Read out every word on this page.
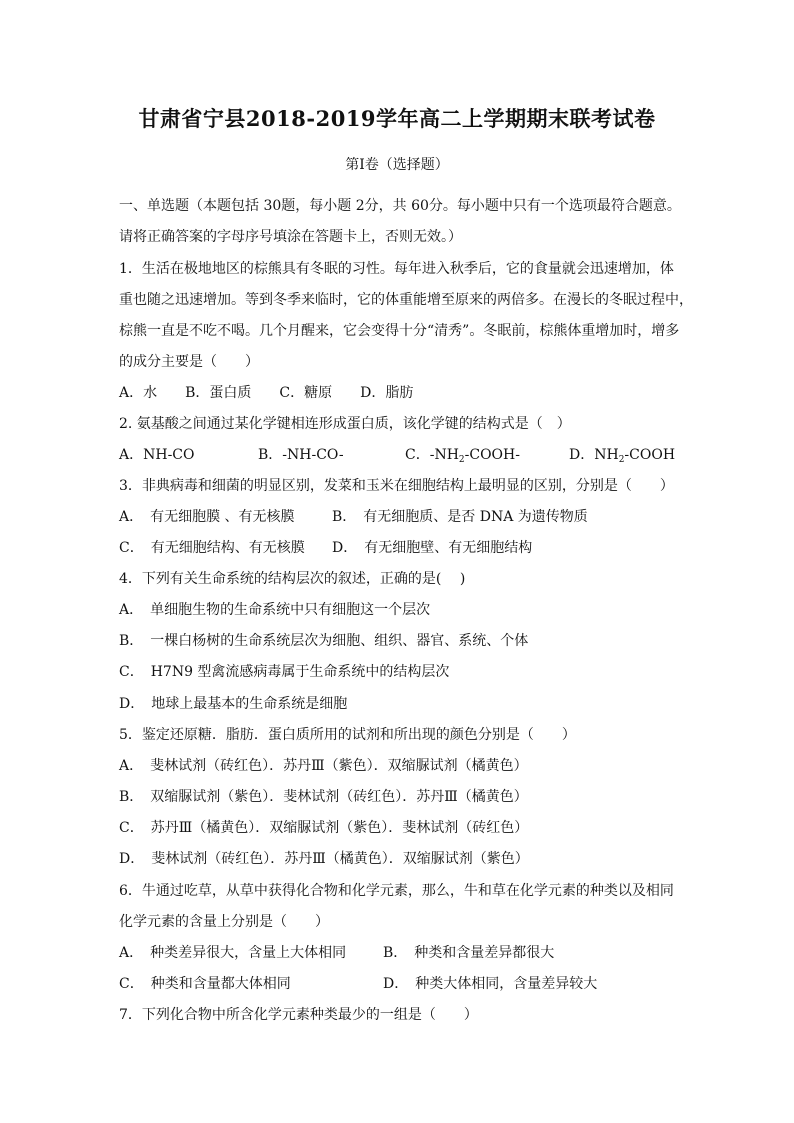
甘肃省宁县2018-2019学年高二上学期期末联考试卷
第Ⅰ卷（选择题）
一、单选题（本题包括 30题，每小题 2分，共 60分。每小题中只有一个选项最符合题意。
请将正确答案的字母序号填涂在答题卡上，否则无效。）
1．生活在极地地区的棕熊具有冬眠的习性。每年进入秋季后，它的食量就会迅速增加，体
重也随之迅速增加。等到冬季来临时，它的体重能增至原来的两倍多。在漫长的冬眠过程中，
棕熊一直是不吃不喝。几个月醒来，它会变得十分“清秀”。冬眠前，棕熊体重增加时，增多
的成分主要是（　　）
A．水　　B．蛋白质　　C．糖原　　D．脂肪
2. 氨基酸之间通过某化学键相连形成蛋白质，该化学键的结构式是（　）
A．NH-CO	B．-NH-CO-	C．$-NH_2-COOH-$	D．$NH_2$-COOH
3．非典病毒和细菌的明显区别，发菜和玉米在细胞结构上最明显的区别，分别是（　　）
A．　有无细胞膜 、有无核膜	B．　有无细胞质、是否 DNA 为遗传物质
C．　有无细胞结构、有无核膜 D．　有无细胞壁、有无细胞结构
4．下列有关生命系统的结构层次的叙述，正确的是(　 )
A．　单细胞生物的生命系统中只有细胞这一个层次
B．　一棵白杨树的生命系统层次为细胞、组织、器官、系统、个体
C．　H7N9 型禽流感病毒属于生命系统中的结构层次
D．　地球上最基本的生命系统是细胞
5．鉴定还原糖．脂肪．蛋白质所用的试剂和所出现的颜色分别是（　　）
A．　斐林试剂（砖红色）．苏丹Ⅲ（紫色）．双缩脲试剂（橘黄色）
B．　双缩脲试剂（紫色）．斐林试剂（砖红色）．苏丹Ⅲ（橘黄色）
C．　苏丹Ⅲ（橘黄色）．双缩脲试剂（紫色）．斐林试剂（砖红色）
D．　斐林试剂（砖红色）．苏丹Ⅲ（橘黄色）．双缩脲试剂（紫色）
6．牛通过吃草，从草中获得化合物和化学元素，那么，牛和草在化学元素的种类以及相同
化学元素的含量上分别是（　　）
A．　种类差异很大，含量上大体相同	B．　种类和含量差异都很大
C．　种类和含量都大体相同	D．　种类大体相同，含量差异较大
7．下列化合物中所含化学元素种类最少的一组是（　　）
